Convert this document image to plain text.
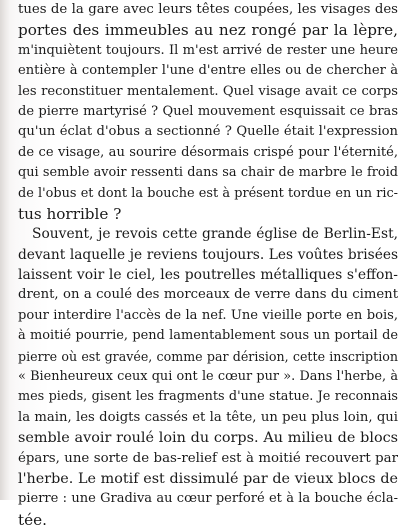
tues de la gare avec leurs têtes coupées, les visages des
portes des immeubles au nez rongé par la lèpre,
m'inquiètent toujours. Il m'est arrivé de rester une heure
entière à contempler l'une d'entre elles ou de chercher à
les reconstituer mentalement. Quel visage avait ce corps
de pierre martyrisé ? Quel mouvement esquissait ce bras
qu'un éclat d'obus a sectionné ? Quelle était l'expression
de ce visage, au sourire désormais crispé pour l'éternité,
qui semble avoir ressenti dans sa chair de marbre le froid
de l'obus et dont la bouche est à présent tordue en un ric-
tus horrible ?
Souvent, je revois cette grande église de Berlin-Est,
devant laquelle je reviens toujours. Les voûtes brisées
laissent voir le ciel, les poutrelles métalliques s'effon-
drent, on a coulé des morceaux de verre dans du ciment
pour interdire l'accès de la nef. Une vieille porte en bois,
à moitié pourrie, pend lamentablement sous un portail de
pierre où est gravée, comme par dérision, cette inscription
« Bienheureux ceux qui ont le cœur pur ». Dans l'herbe, à
mes pieds, gisent les fragments d'une statue. Je reconnais
la main, les doigts cassés et la tête, un peu plus loin, qui
semble avoir roulé loin du corps. Au milieu de blocs
épars, une sorte de bas-relief est à moitié recouvert par
l'herbe. Le motif est dissimulé par de vieux blocs de
pierre : une Gradiva au cœur perforé et à la bouche écla-
tée.
